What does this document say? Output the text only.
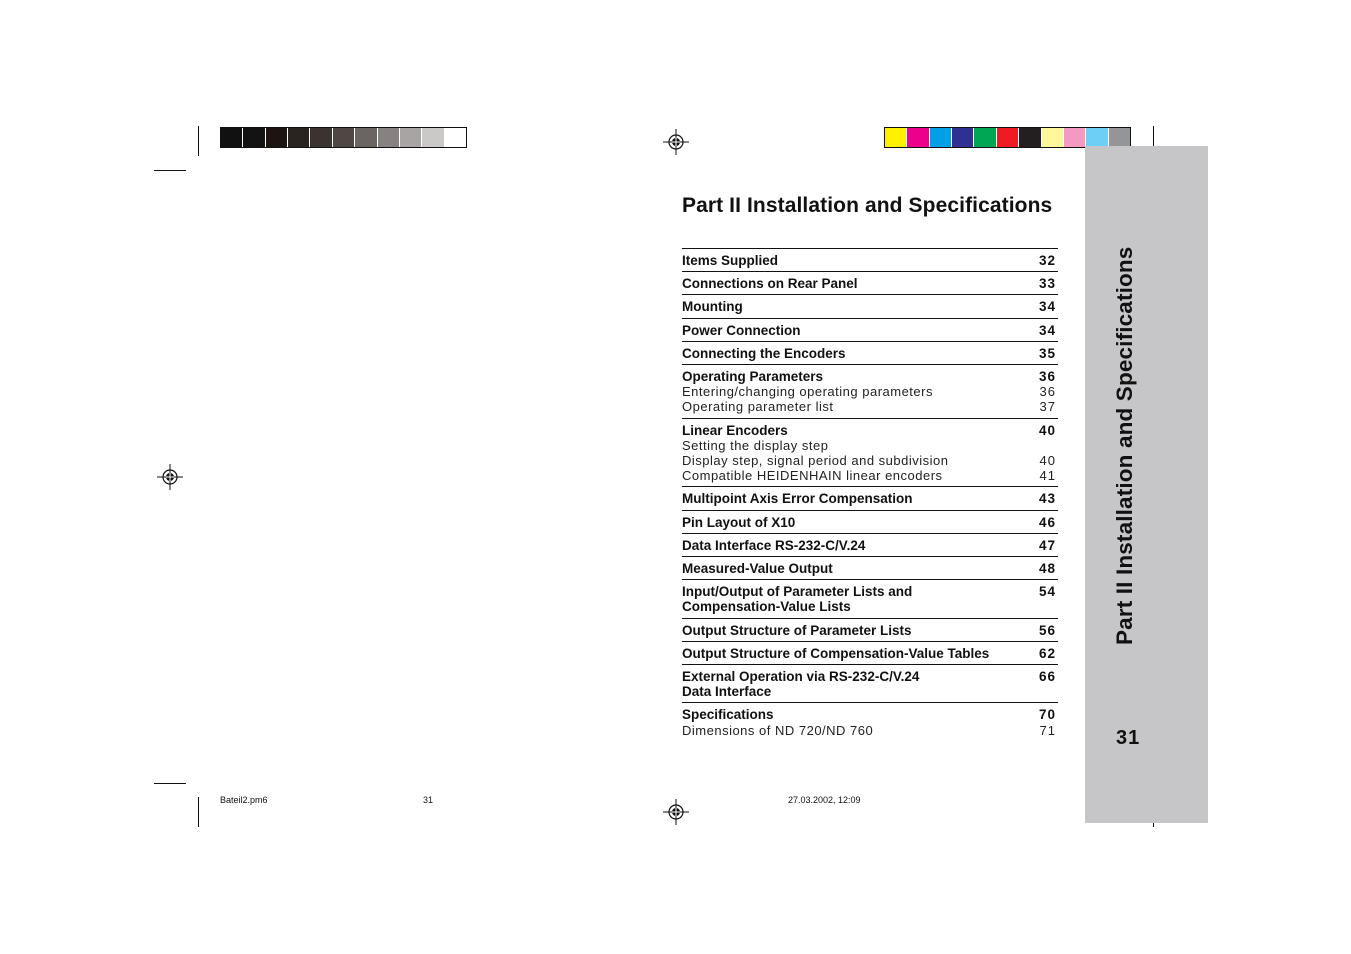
Part II Installation and Specifications
31
Part II Installation and Specifications
Items Supplied	32
Connections on Rear Panel	33
Mounting	34
Power Connection	34
Connecting the Encoders	35
Operating Parameters	36
Entering/changing operating parameters	36
Operating parameter list	37
Linear Encoders	40
Setting the display step
Display step, signal period and subdivision	40
Compatible HEIDENHAIN linear encoders	41
Multipoint Axis Error Compensation	43
Pin Layout of X10	46
Data Interface RS-232-C/V.24	47
Measured-Value Output	48
Input/Output of Parameter Lists and	54
Compensation-Value Lists
Output Structure of Parameter Lists	56
Output Structure of Compensation-Value Tables	62
External Operation via RS-232-C/V.24	66
Data Interface
Specifications	70
Dimensions of ND 720/ND 760	71
Bateil2.pm6	31	27.03.2002, 12:09
